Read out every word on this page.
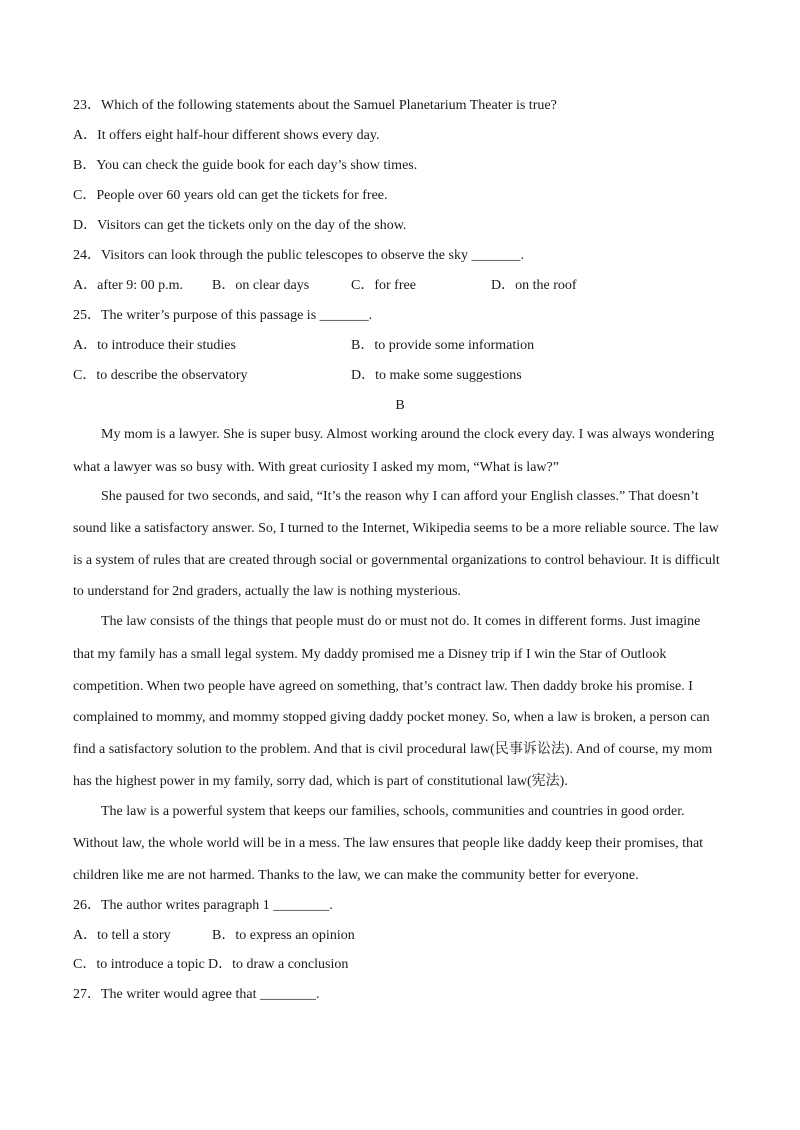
23．Which of the following statements about the Samuel Planetarium Theater is true?
A．It offers eight half-hour different shows every day.
B．You can check the guide book for each day’s show times.
C．People over 60 years old can get the tickets for free.
D．Visitors can get the tickets only on the day of the show.
24．Visitors can look through the public telescopes to observe the sky _______.
A．after 9: 00 p.m. B．on clear days	C．for free	D．on the roof
25．The writer’s purpose of this passage is _______.
A．to introduce their studies	B．to provide some information
C．to describe the observatory	D．to make some suggestions
B
My mom is a lawyer. She is super busy. Almost working around the clock every day. I was always wondering
what a lawyer was so busy with. With great curiosity I asked my mom, “What is law?”
She paused for two seconds, and said, “It’s the reason why I can afford your English classes.” That doesn’t
sound like a satisfactory answer. So, I turned to the Internet, Wikipedia seems to be a more reliable source. The law
is a system of rules that are created through social or governmental organizations to control behaviour. It is difficult
to understand for 2nd graders, actually the law is nothing mysterious.
The law consists of the things that people must do or must not do. It comes in different forms. Just imagine
that my family has a small legal system. My daddy promised me a Disney trip if I win the Star of Outlook
competition. When two people have agreed on something, that’s contract law. Then daddy broke his promise. I
complained to mommy, and mommy stopped giving daddy pocket money. So, when a law is broken, a person can
find a satisfactory solution to the problem. And that is civil procedural law(民事诉讼法). And of course, my mom
has the highest power in my family, sorry dad, which is part of constitutional law(宪法).
The law is a powerful system that keeps our families, schools, communities and countries in good order.
Without law, the whole world will be in a mess. The law ensures that people like daddy keep their promises, that
children like me are not harmed. Thanks to the law, we can make the community better for everyone.
26．The author writes paragraph 1 ________.
A．to tell a story	B．to express an opinion
C．to introduce a topic D．to draw a conclusion
27．The writer would agree that ________.
